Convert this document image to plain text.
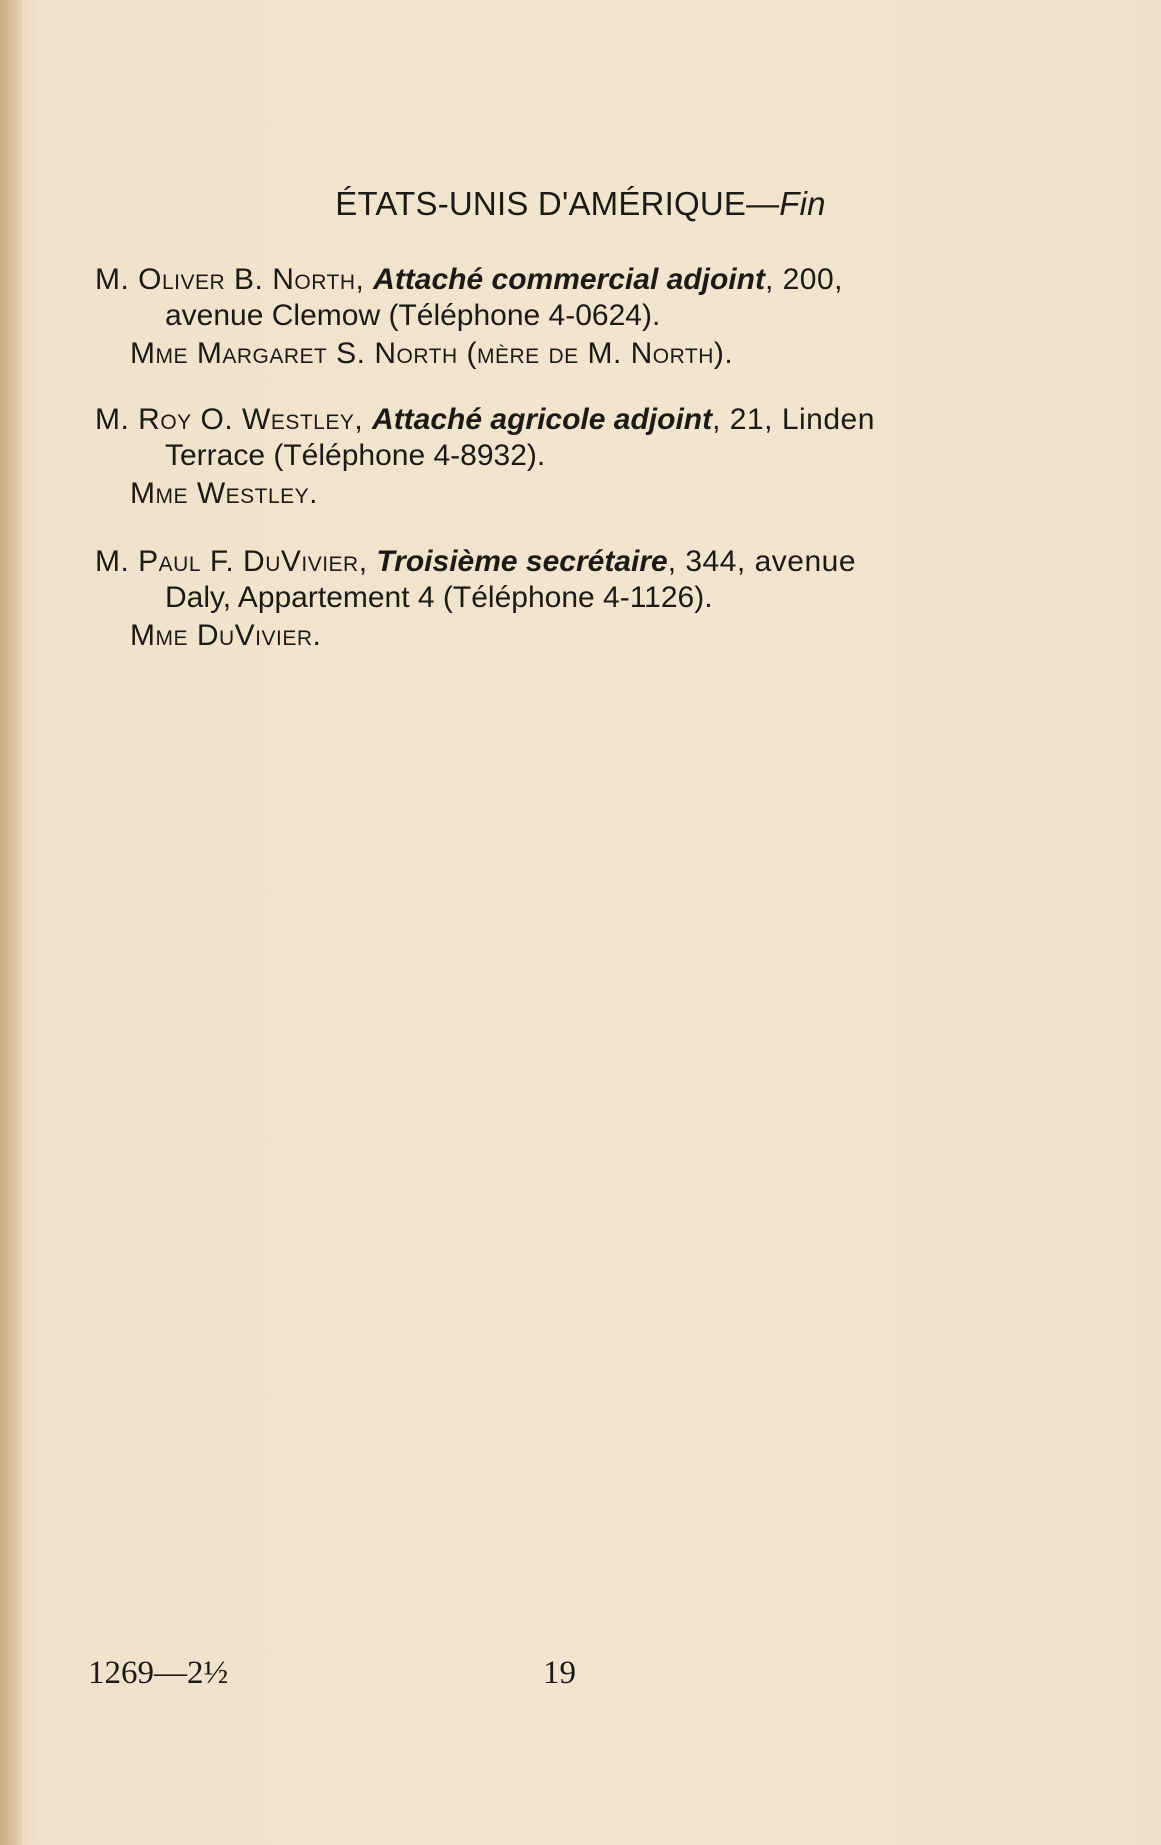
ÉTATS-UNIS D'AMÉRIQUE—Fin
M. Oliver B. North, Attaché commercial adjoint, 200,
avenue Clemow (Téléphone 4-0624).
Mme Margaret S. North (mère de M. North).
M. Roy O. Westley, Attaché agricole adjoint, 21, Linden
Terrace (Téléphone 4-8932).
Mme Westley.
M. Paul F. DuVivier, Troisième secrétaire, 344, avenue
Daly, Appartement 4 (Téléphone 4-1126).
Mme DuVivier.
1269—2½	19
